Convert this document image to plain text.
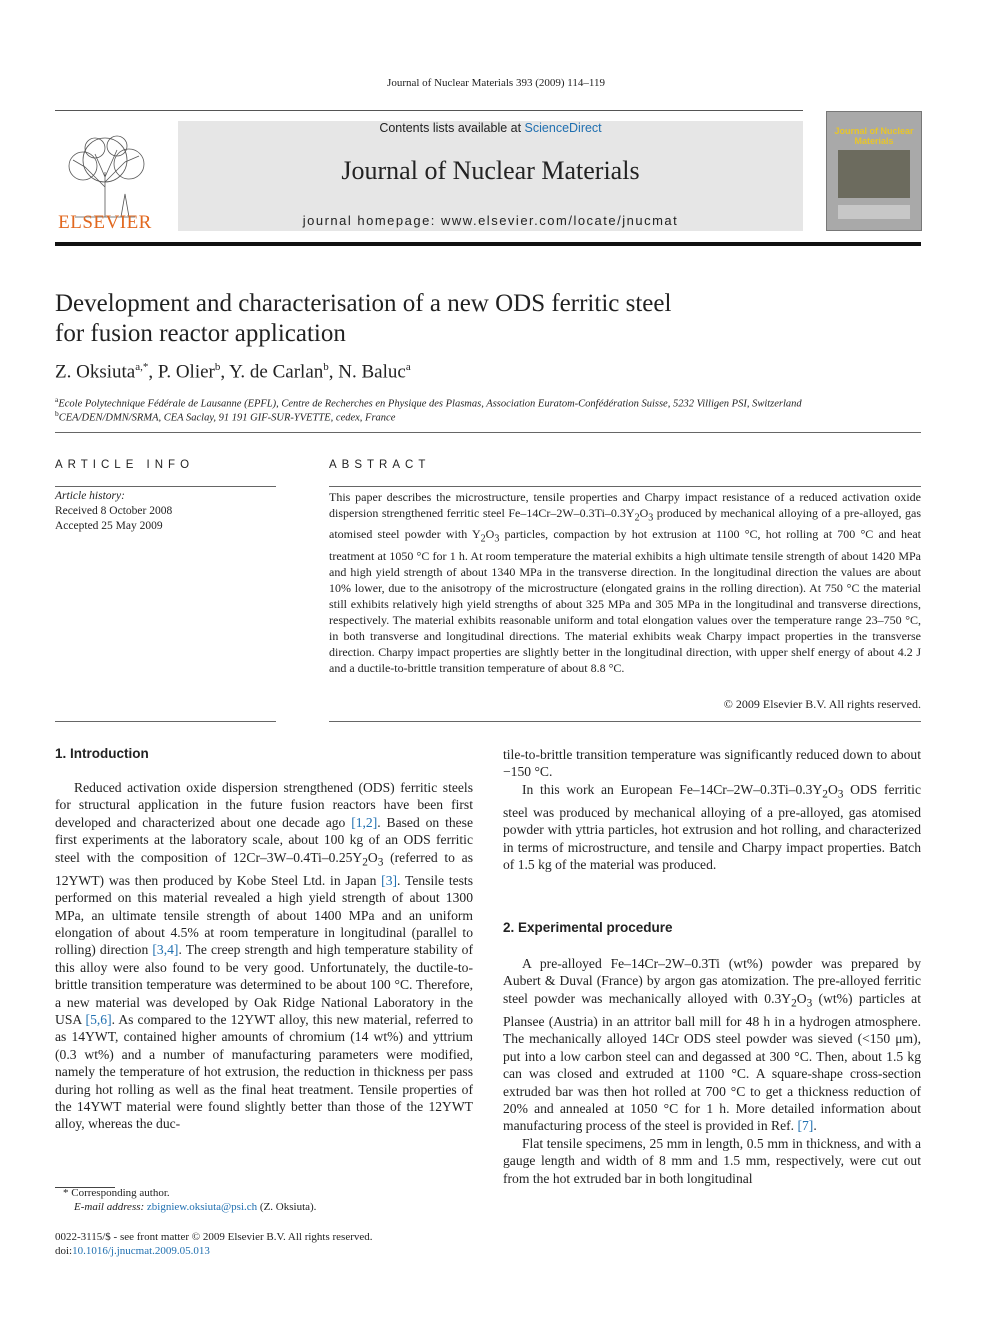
Journal of Nuclear Materials 393 (2009) 114–119
ELSEVIER
Contents lists available at ScienceDirect
Journal of Nuclear Materials
journal homepage: www.elsevier.com/locate/jnucmat
Journal of Nuclear Materials
Development and characterisation of a new ODS ferritic steel
for fusion reactor application
Z. Oksiuta$^{a,*}$, P. Olier$^b$, Y. de Carlan$^b$, N. Baluc$^a$
$^a$Ecole Polytechnique Fédérale de Lausanne (EPFL), Centre de Recherches en Physique des Plasmas, Association Euratom-Confédération Suisse, 5232 Villigen PSI, Switzerland
$^b$CEA/DEN/DMN/SRMA, CEA Saclay, 91 191 GIF-SUR-YVETTE, cedex, France
ARTICLE INFO
Article history:
Received 8 October 2008
Accepted 25 May 2009
ABSTRACT
This paper describes the microstructure, tensile properties and Charpy impact resistance of a reduced activation oxide dispersion strengthened ferritic steel $Fe-14Cr-2W-0.3Ti-0.3Y_2O_3$ produced by mechanical alloying of a pre-alloyed, gas atomised steel powder with $Y_2O_3$ particles, compaction by hot extrusion at 1100 °C, hot rolling at 700 °C and heat treatment at 1050 °C for 1 h. At room temperature the material exhibits a high ultimate tensile strength of about 1420 MPa and high yield strength of about 1340 MPa in the transverse direction. In the longitudinal direction the values are about 10% lower, due to the anisotropy of the microstructure (elongated grains in the rolling direction). At 750 °C the material still exhibits relatively high yield strengths of about 325 MPa and 305 MPa in the longitudinal and transverse directions, respectively. The material exhibits reasonable uniform and total elongation values over the temperature range 23–750 °C, in both transverse and longitudinal directions. The material exhibits weak Charpy impact properties in the transverse direction. Charpy impact properties are slightly better in the longitudinal direction, with upper shelf energy of about 4.2 J and a ductile-to-brittle transition temperature of about 8.8 °C.
© 2009 Elsevier B.V. All rights reserved.
1. Introduction

Reduced activation oxide dispersion strengthened (ODS) ferritic steels for structural application in the future fusion reactors have been first developed and characterized about one decade ago [1,2]. Based on these first experiments at the laboratory scale, about 100 kg of an ODS ferritic steel with the composition of $12Cr-3W-0.4Ti-0.25Y_2O_3$ (referred to as 12YWT) was then produced by Kobe Steel Ltd. in Japan [3]. Tensile tests performed on this material revealed a high yield strength of about 1300 MPa, an ultimate tensile strength of about 1400 MPa and an uniform elongation of about 4.5% at room temperature in longitudinal (parallel to rolling) direction [3,4]. The creep strength and high temperature stability of this alloy were also found to be very good. Unfortunately, the ductile-to-brittle transition temperature was determined to be about 100 °C. Therefore, a new material was developed by Oak Ridge National Laboratory in the USA [5,6]. As compared to the 12YWT alloy, this new material, referred to as 14YWT, contained higher amounts of chromium (14 wt%) and yttrium (0.3 wt%) and a number of manufacturing parameters were modified, namely the temperature of hot extrusion, the reduction in thickness per pass during hot rolling as well as the final heat treatment. Tensile properties of the 14YWT material were found slightly better than those of the 12YWT alloy, whereas the duc-

tile-to-brittle transition temperature was significantly reduced down to about −150 °C.

In this work an European $Fe-14Cr-2W-0.3Ti-0.3Y_2O_3$ ODS ferritic steel was produced by mechanical alloying of a pre-alloyed, gas atomised powder with yttria particles, hot extrusion and hot rolling, and characterized in terms of microstructure, and tensile and Charpy impact properties. Batch of 1.5 kg of the material was produced.

2. Experimental procedure

A pre-alloyed Fe–14Cr–2W–0.3Ti (wt%) powder was prepared by Aubert & Duval (France) by argon gas atomization. The pre-alloyed ferritic steel powder was mechanically alloyed with $0.3Y_2O_3$ (wt%) particles at Plansee (Austria) in an attritor ball mill for 48 h in a hydrogen atmosphere. The mechanically alloyed 14Cr ODS steel powder was sieved (<150 μm), put into a low carbon steel can and degassed at 300 °C. Then, about 1.5 kg can was closed and extruded at 1100 °C. A square-shape cross-section extruded bar was then hot rolled at 700 °C to get a thickness reduction of 20% and annealed at 1050 °C for 1 h. More detailed information about manufacturing process of the steel is provided in Ref. [7].

Flat tensile specimens, 25 mm in length, 0.5 mm in thickness, and with a gauge length and width of 8 mm and 1.5 mm, respectively, were cut out from the hot extruded bar in both longitudinal

* Corresponding author.
E-mail address: zbigniew.oksiuta@psi.ch (Z. Oksiuta).
0022-3115/$ - see front matter © 2009 Elsevier B.V. All rights reserved.
doi:10.1016/j.jnucmat.2009.05.013
